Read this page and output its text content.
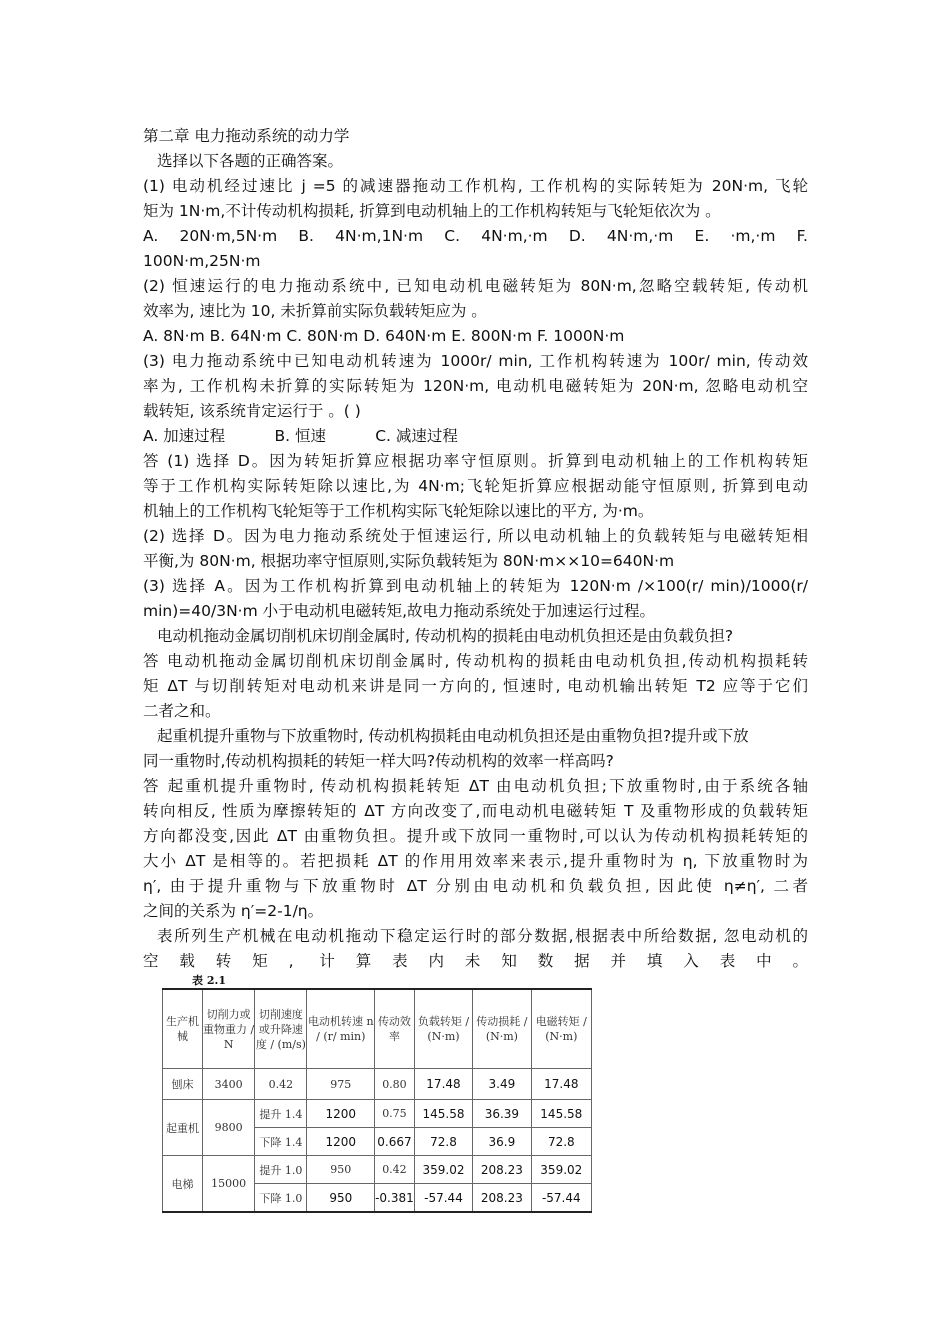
第二章 电力拖动系统的动力学
选择以下各题的正确答案。
(1) 电动机经过速比 j =5 的减速器拖动工作机构, 工作机构的实际转矩为 20N·m, 飞轮
矩为 1N·m,不计传动机构损耗, 折算到电动机轴上的工作机构转矩与飞轮矩依次为 。
A. 20N·m,5N·m B. 4N·m,1N·m C. 4N·m,·m D. 4N·m,·m E. ·m,·m F.
100N·m,25N·m
(2) 恒速运行的电力拖动系统中, 已知电动机电磁转矩为 80N·m,忽略空载转矩, 传动机
效率为, 速比为 10, 未折算前实际负载转矩应为 。
A. 8N·m B. 64N·m C. 80N·m D. 640N·m E. 800N·m F. 1000N·m
(3) 电力拖动系统中已知电动机转速为 1000r/ min, 工作机构转速为 100r/ min, 传动效
率为, 工作机构未折算的实际转矩为 120N·m, 电动机电磁转矩为 20N·m, 忽略电动机空
载转矩, 该系统肯定运行于 。( )
A. 加速过程          B. 恒速          C. 减速过程
答 (1) 选择 D。因为转矩折算应根据功率守恒原则。折算到电动机轴上的工作机构转矩
等于工作机构实际转矩除以速比,为 4N·m;飞轮矩折算应根据动能守恒原则, 折算到电动
机轴上的工作机构飞轮矩等于工作机构实际飞轮矩除以速比的平方, 为·m。
(2) 选择 D。因为电力拖动系统处于恒速运行, 所以电动机轴上的负载转矩与电磁转矩相
平衡,为 80N·m, 根据功率守恒原则,实际负载转矩为 80N·m××10=640N·m
(3) 选择 A。因为工作机构折算到电动机轴上的转矩为 120N·m /×100(r/ min)/1000(r/
min)=40/3N·m 小于电动机电磁转矩,故电力拖动系统处于加速运行过程。
电动机拖动金属切削机床切削金属时, 传动机构的损耗由电动机负担还是由负载负担?
答 电动机拖动金属切削机床切削金属时, 传动机构的损耗由电动机负担,传动机构损耗转
矩 ΔT 与切削转矩对电动机来讲是同一方向的, 恒速时, 电动机输出转矩 T2 应等于它们
二者之和。
起重机提升重物与下放重物时, 传动机构损耗由电动机负担还是由重物负担?提升或下放
同一重物时,传动机构损耗的转矩一样大吗?传动机构的效率一样高吗?
答 起重机提升重物时, 传动机构损耗转矩 ΔT 由电动机负担;下放重物时,由于系统各轴
转向相反, 性质为摩擦转矩的 ΔT 方向改变了,而电动机电磁转矩 T 及重物形成的负载转矩
方向都没变,因此 ΔT 由重物负担。提升或下放同一重物时,可以认为传动机构损耗转矩的
大小 ΔT 是相等的。若把损耗 ΔT 的作用用效率来表示,提升重物时为 η, 下放重物时为
η′, 由于提升重物与下放重物时 ΔT 分别由电动机和负载负担, 因此使 η≠η′, 二者
之间的关系为 η′=2-1/η。
表所列生产机械在电动机拖动下稳定运行时的部分数据,根据表中所给数据, 忽电动机的
空载转矩, 计算表内未知数据并填入表中。
表 2.1
生产机械	切削力或重物重力 / N	切削速度或升降速度 / (m/s)	电动机转速 n / (r/ min)	传动效率	负载转矩 / (N·m)	传动损耗 / (N·m)	电磁转矩 / (N·m)
刨床	3400	0.42	975	0.80	17.48	3.49	17.48
起重机	9800	提升 1.4	1200	0.75	145.58	36.39	145.58
		下降 1.4	1200	0.667	72.8	36.9	72.8
电梯	15000	提升 1.0	950	0.42	359.02	208.23	359.02
		下降 1.0	950	-0.381	-57.44	208.23	-57.44
